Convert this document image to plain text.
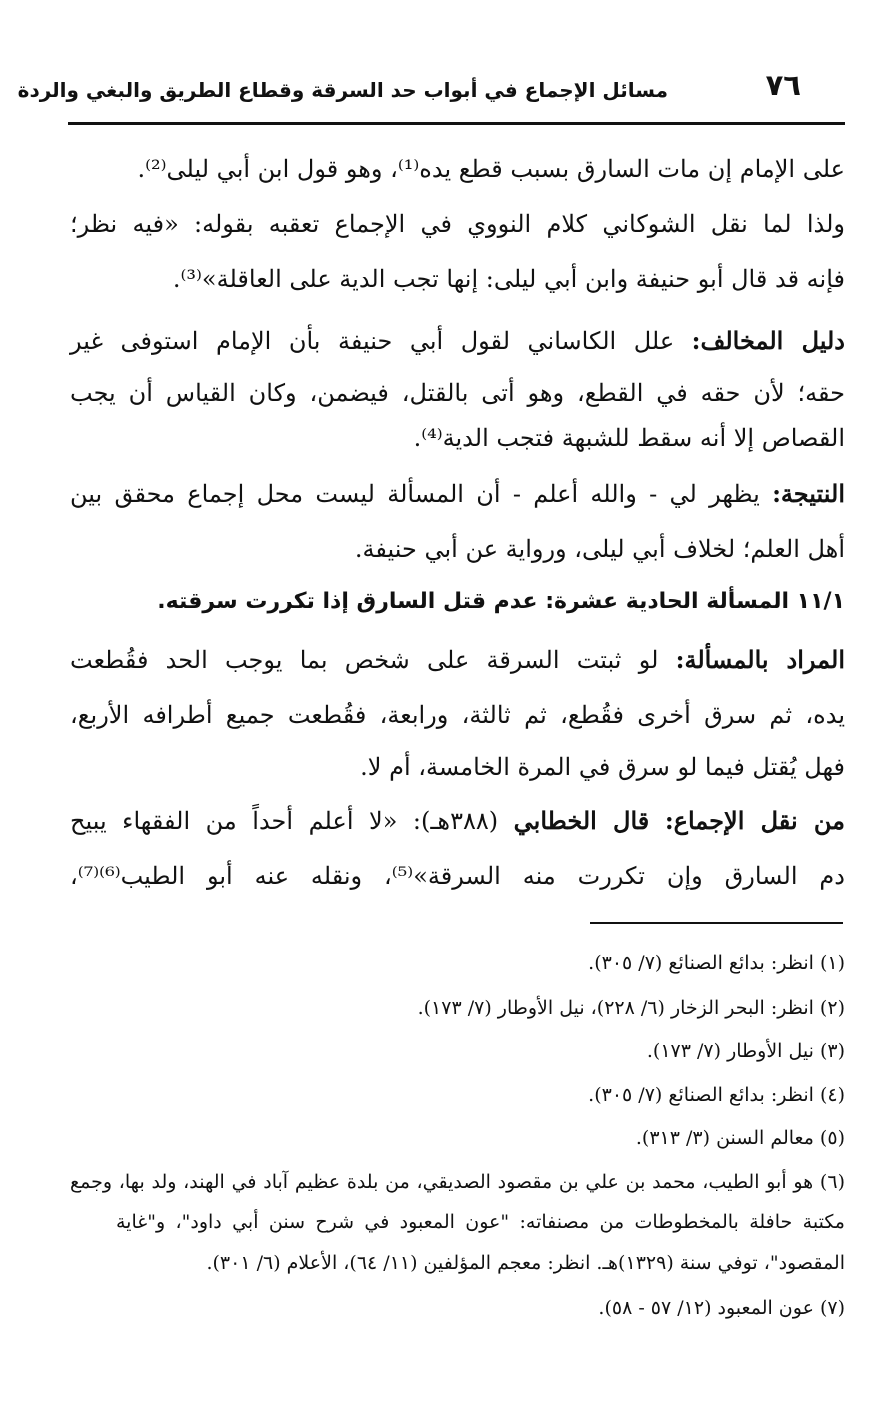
٧٦
مسائل الإجماع في أبواب حد السرقة وقطاع الطريق والبغي والردة
على الإمام إن مات السارق بسبب قطع يده⁽¹⁾، وهو قول ابن أبي ليلى⁽²⁾.
ولذا لما نقل الشوكاني كلام النووي في الإجماع تعقبه بقوله: «فيه نظر؛
فإنه قد قال أبو حنيفة وابن أبي ليلى: إنها تجب الدية على العاقلة»⁽³⁾.
دليل المخالف: علل الكاساني لقول أبي حنيفة بأن الإمام استوفى غير
حقه؛ لأن حقه في القطع، وهو أتى بالقتل، فيضمن، وكان القياس أن يجب
القصاص إلا أنه سقط للشبهة فتجب الدية⁽⁴⁾.
النتيجة: يظهر لي - والله أعلم - أن المسألة ليست محل إجماع محقق بين
أهل العلم؛ لخلاف أبي ليلى، ورواية عن أبي حنيفة.
١١/١ المسألة الحادية عشرة: عدم قتل السارق إذا تكررت سرقته.
المراد بالمسألة: لو ثبتت السرقة على شخص بما يوجب الحد فقُطعت
يده، ثم سرق أخرى فقُطع، ثم ثالثة، ورابعة، فقُطعت جميع أطرافه الأربع،
فهل يُقتل فيما لو سرق في المرة الخامسة، أم لا.
من نقل الإجماع: قال الخطابي (٣٨٨هـ): «لا أعلم أحداً من الفقهاء يبيح
دم السارق وإن تكررت منه السرقة»⁽⁵⁾، ونقله عنه أبو الطيب⁽⁶⁾⁽⁷⁾،
(١) انظر: بدائع الصنائع (٧/ ٣٠٥).
(٢) انظر: البحر الزخار (٦/ ٢٢٨)، نيل الأوطار (٧/ ١٧٣).
(٣) نيل الأوطار (٧/ ١٧٣).
(٤) انظر: بدائع الصنائع (٧/ ٣٠٥).
(٥) معالم السنن (٣/ ٣١٣).
(٦) هو أبو الطيب، محمد بن علي بن مقصود الصديقي، من بلدة عظيم آباد في الهند، ولد بها، وجمع
مكتبة حافلة بالمخطوطات من مصنفاته: "عون المعبود في شرح سنن أبي داود"، و"غاية
المقصود"، توفي سنة (١٣٢٩)هـ. انظر: معجم المؤلفين (١١/ ٦٤)، الأعلام (٦/ ٣٠١).
(٧) عون المعبود (١٢/ ٥٧ - ٥٨).
